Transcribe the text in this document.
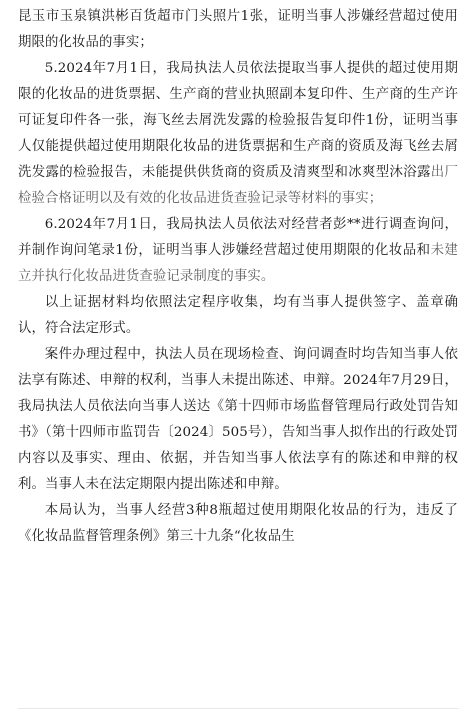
昆玉市玉泉镇洪彬百货超市门头照片1张，证明当事人涉嫌经营超过使用期限的化妆品的事实；

5.2024年7月1日，我局执法人员依法提取当事人提供的超过使用期限的化妆品的进货票据、生产商的营业执照副本复印件、生产商的生产许可证复印件各一张，海飞丝去屑洗发露的检验报告复印件1份，证明当事人仅能提供超过使用期限化妆品的进货票据和生产商的资质及海飞丝去屑洗发露的检验报告，未能提供供货商的资质及清爽型和冰爽型沐浴露出厂检验合格证明以及有效的化妆品进货查验记录等材料的事实；

6.2024年7月1日，我局执法人员依法对经营者彭**进行调查询问，并制作询问笔录1份，证明当事人涉嫌经营超过使用期限的化妆品和未建立并执行化妆品进货查验记录制度的事实。

以上证据材料均依照法定程序收集，均有当事人提供签字、盖章确认，符合法定形式。

案件办理过程中，执法人员在现场检查、询问调查时均告知当事人依法享有陈述、申辩的权利，当事人未提出陈述、申辩。2024年7月29日，我局执法人员依法向当事人送达《第十四师市场监督管理局行政处罚告知书》（第十四师市监罚告〔2024〕505号），告知当事人拟作出的行政处罚内容以及事实、理由、依据，并告知当事人依法享有的陈述和申辩的权利。当事人未在法定期限内提出陈述和申辩。

本局认为，当事人经营3种8瓶超过使用期限化妆品的行为，违反了《化妆品监督管理条例》第三十九条“化妆品生
